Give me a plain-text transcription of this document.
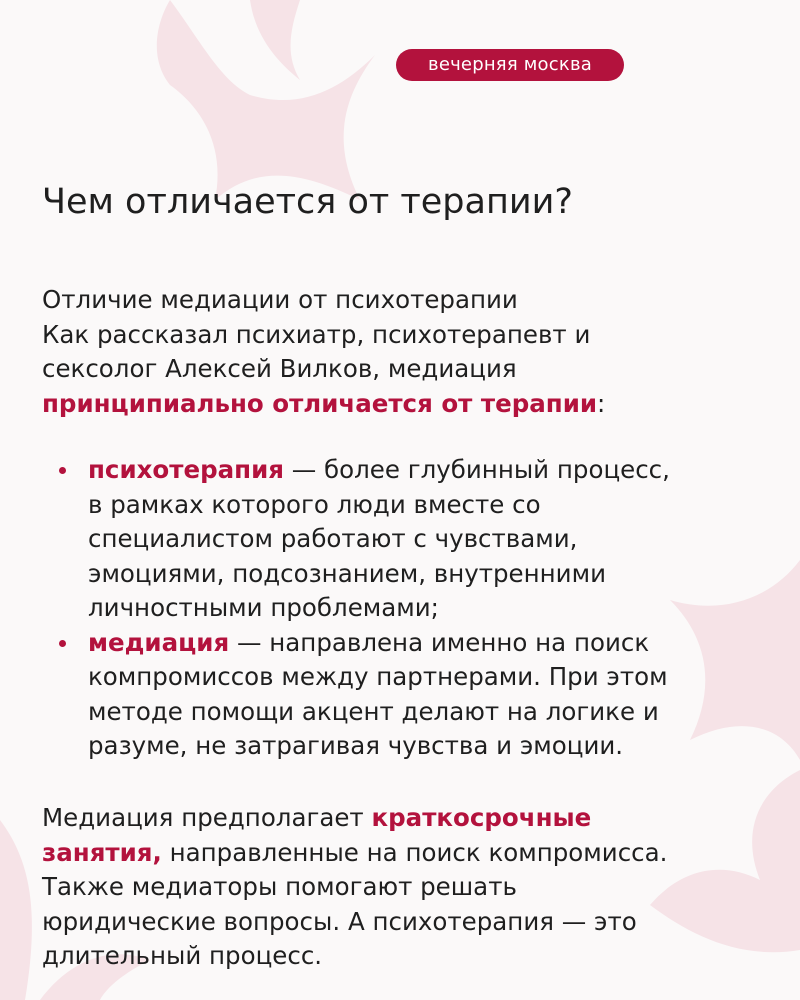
вечерняя москва
Чем отличается от терапии?
Отличие медиации от психотерапии
Как рассказал психиатр, психотерапевт и
сексолог Алексей Вилков, медиация
принципиально отличается от терапии:
психотерапия — более глубинный процесс,
в рамках которого люди вместе со
специалистом работают с чувствами,
эмоциями, подсознанием, внутренними
личностными проблемами;
медиация — направлена именно на поиск
компромиссов между партнерами. При этом
методе помощи акцент делают на логике и
разуме, не затрагивая чувства и эмоции.
Медиация предполагает краткосрочные
занятия, направленные на поиск компромисса.
Также медиаторы помогают решать
юридические вопросы. А психотерапия — это
длительный процесс.
